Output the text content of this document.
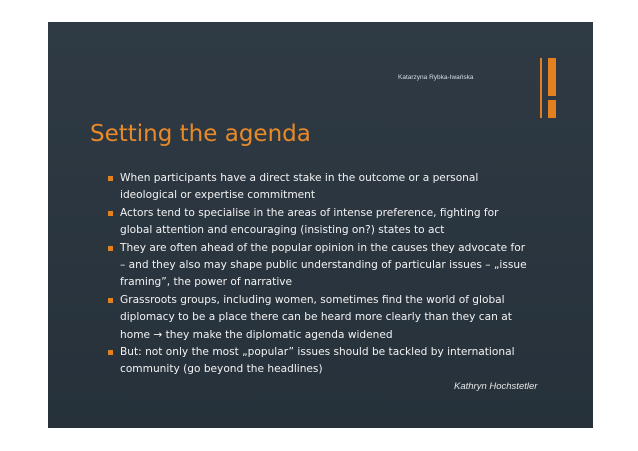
Katarzyna Rybka-Iwańska
Setting the agenda
When participants have a direct stake in the outcome or a personal ideological or expertise commitment
Actors tend to specialise in the areas of intense preference, fighting for global attention and encouraging (insisting on?) states to act
They are often ahead of the popular opinion in the causes they advocate for – and they also may shape public understanding of particular issues – „issue framing”, the power of narrative
Grassroots groups, including women, sometimes find the world of global diplomacy to be a place there can be heard more clearly than they can at home → they make the diplomatic agenda widened
But: not only the most „popular” issues should be tackled by international community (go beyond the headlines)
Kathryn Hochstetler
